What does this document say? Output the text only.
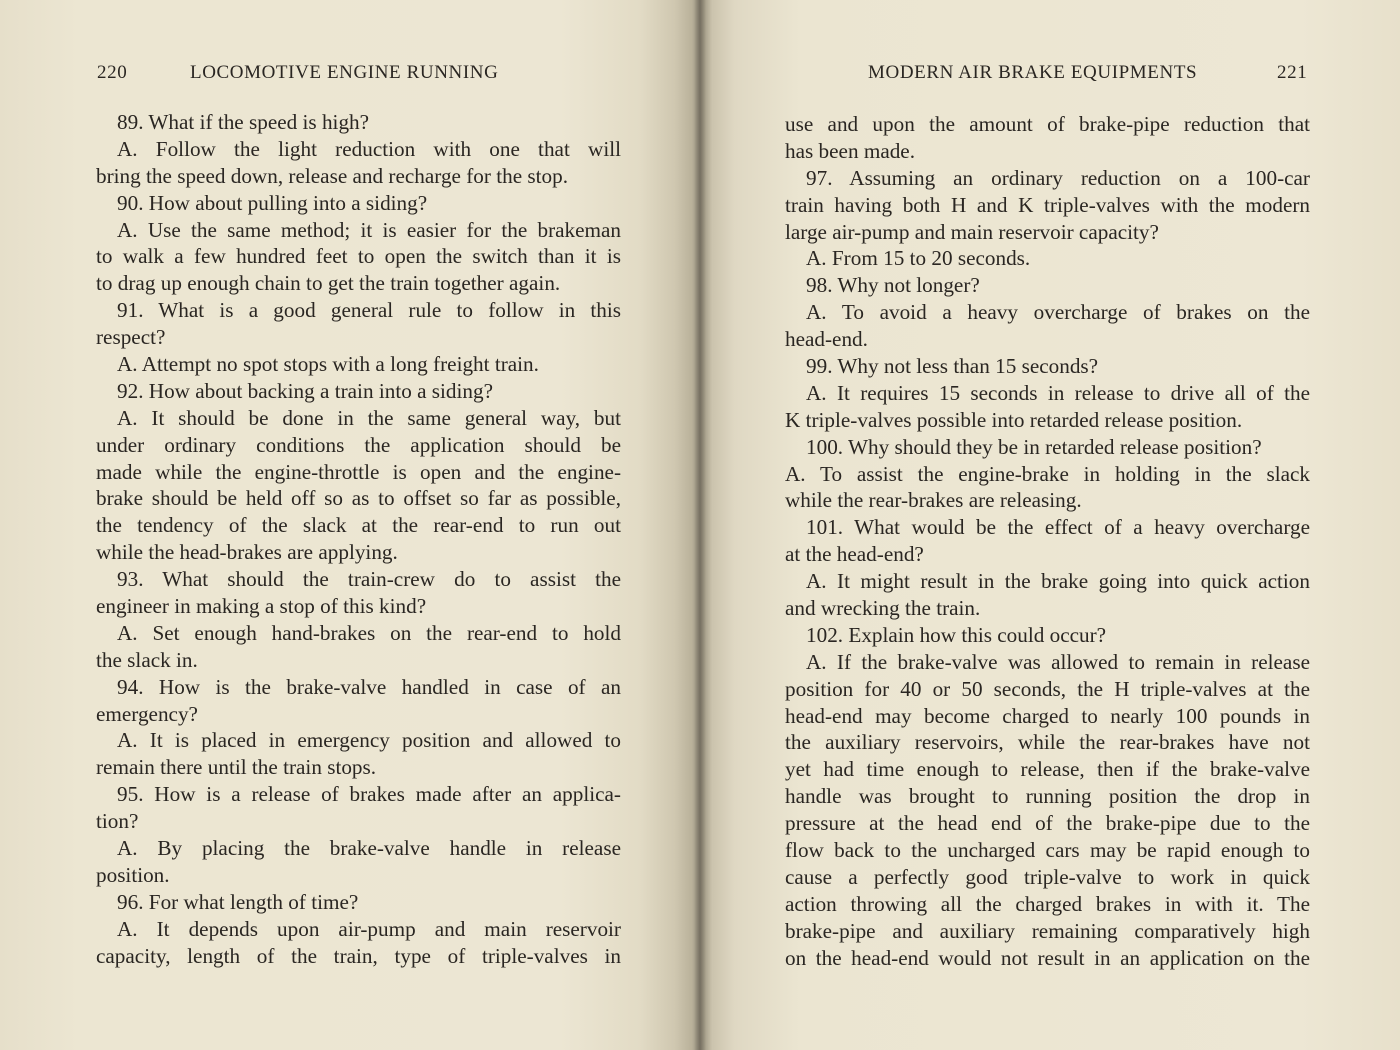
220	LOCOMOTIVE ENGINE RUNNING
89. What if the speed is high?
A. Follow the light reduction with one that will
bring the speed down, release and recharge for the stop.
90. How about pulling into a siding?
A. Use the same method; it is easier for the brakeman
to walk a few hundred feet to open the switch than it is
to drag up enough chain to get the train together again.
91. What is a good general rule to follow in this
respect?
A. Attempt no spot stops with a long freight train.
92. How about backing a train into a siding?
A. It should be done in the same general way, but
under ordinary conditions the application should be
made while the engine-throttle is open and the engine-
brake should be held off so as to offset so far as possible,
the tendency of the slack at the rear-end to run out
while the head-brakes are applying.
93. What should the train-crew do to assist the
engineer in making a stop of this kind?
A. Set enough hand-brakes on the rear-end to hold
the slack in.
94. How is the brake-valve handled in case of an
emergency?
A. It is placed in emergency position and allowed to
remain there until the train stops.
95. How is a release of brakes made after an applica-
tion?
A. By placing the brake-valve handle in release
position.
96. For what length of time?
A. It depends upon air-pump and main reservoir
capacity, length of the train, type of triple-valves in
MODERN AIR BRAKE EQUIPMENTS	221
use and upon the amount of brake-pipe reduction that
has been made.
97. Assuming an ordinary reduction on a 100-car
train having both H and K triple-valves with the modern
large air-pump and main reservoir capacity?
A. From 15 to 20 seconds.
98. Why not longer?
A. To avoid a heavy overcharge of brakes on the
head-end.
99. Why not less than 15 seconds?
A. It requires 15 seconds in release to drive all of the
K triple-valves possible into retarded release position.
100. Why should they be in retarded release position?
A. To assist the engine-brake in holding in the slack
while the rear-brakes are releasing.
101. What would be the effect of a heavy overcharge
at the head-end?
A. It might result in the brake going into quick action
and wrecking the train.
102. Explain how this could occur?
A. If the brake-valve was allowed to remain in release
position for 40 or 50 seconds, the H triple-valves at the
head-end may become charged to nearly 100 pounds in
the auxiliary reservoirs, while the rear-brakes have not
yet had time enough to release, then if the brake-valve
handle was brought to running position the drop in
pressure at the head end of the brake-pipe due to the
flow back to the uncharged cars may be rapid enough to
cause a perfectly good triple-valve to work in quick
action throwing all the charged brakes in with it. The
brake-pipe and auxiliary remaining comparatively high
on the head-end would not result in an application on the
